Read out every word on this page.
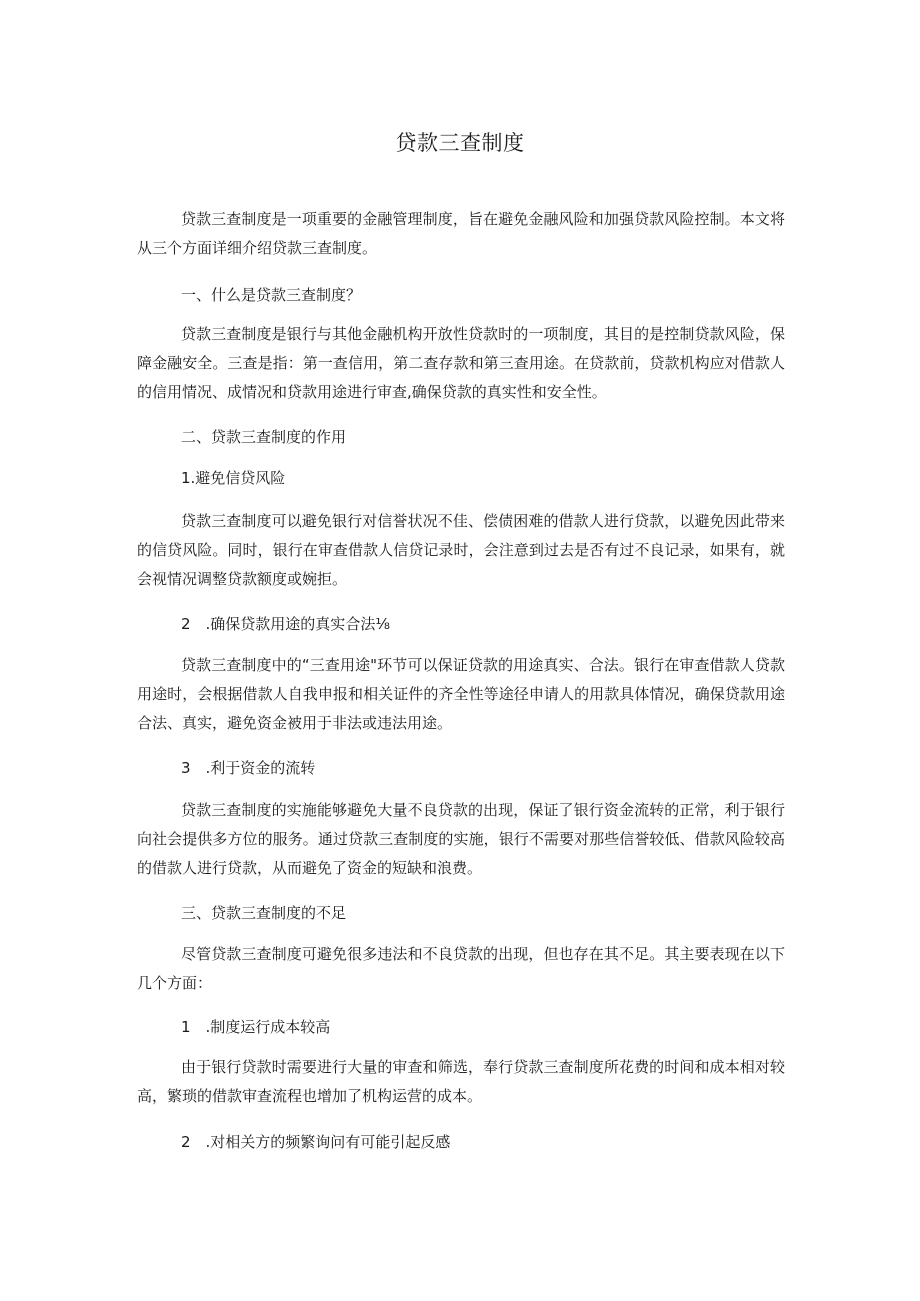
贷款三查制度

贷款三查制度是一项重要的金融管理制度，旨在避免金融风险和加强贷款风险控制。本文将从三个方面详细介绍贷款三查制度。

一、什么是贷款三查制度？

贷款三查制度是银行与其他金融机构开放性贷款时的一项制度，其目的是控制贷款风险，保障金融安全。三查是指：第一查信用，第二查存款和第三查用途。在贷款前，贷款机构应对借款人的信用情况、成情况和贷款用途进行审查,确保贷款的真实性和安全性。

二、贷款三查制度的作用

1.避免信贷风险

贷款三查制度可以避免银行对信誉状况不佳、偿债困难的借款人进行贷款，以避免因此带来的信贷风险。同时，银行在审查借款人信贷记录时，会注意到过去是否有过不良记录，如果有，就会视情况调整贷款额度或婉拒。

2　.确保贷款用途的真实合法⅛

贷款三查制度中的“三查用途"环节可以保证贷款的用途真实、合法。银行在审查借款人贷款用途时，会根据借款人自我申报和相关证件的齐全性等途径申请人的用款具体情况，确保贷款用途合法、真实，避免资金被用于非法或违法用途。

3　.利于资金的流转

贷款三查制度的实施能够避免大量不良贷款的出现，保证了银行资金流转的正常，利于银行向社会提供多方位的服务。通过贷款三查制度的实施，银行不需要对那些信誉较低、借款风险较高的借款人进行贷款，从而避免了资金的短缺和浪费。

三、贷款三查制度的不足

尽管贷款三查制度可避免很多违法和不良贷款的出现，但也存在其不足。其主要表现在以下几个方面：

1　.制度运行成本较高

由于银行贷款时需要进行大量的审查和筛选，奉行贷款三查制度所花费的时间和成本相对较高，繁琐的借款审查流程也增加了机构运营的成本。

2　.对相关方的频繁询问有可能引起反感
